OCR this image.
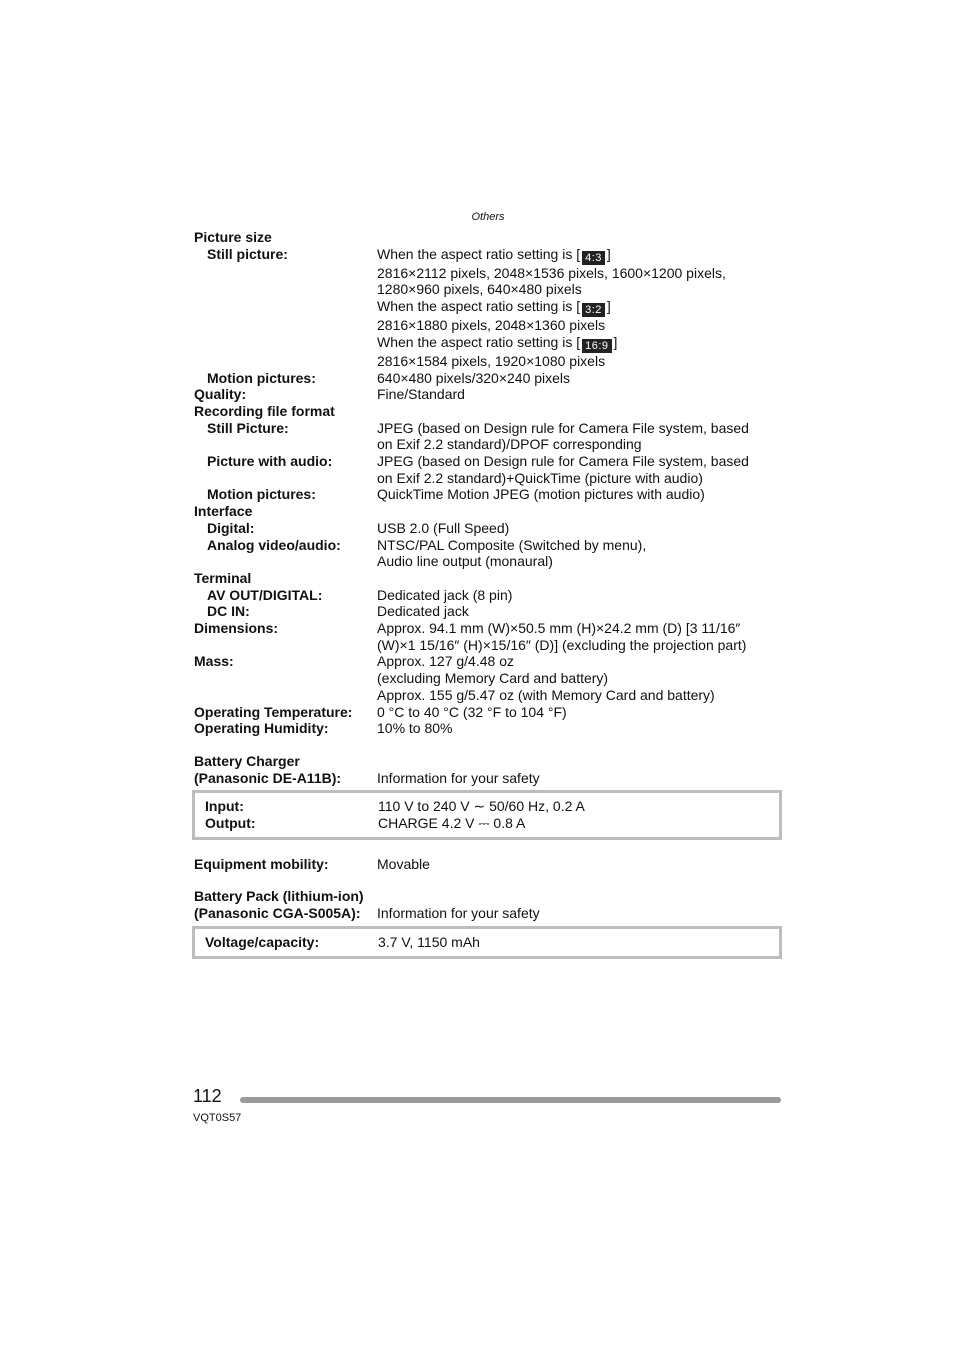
Others
Picture size
Still picture:	When the aspect ratio setting is [ 4:3 ]
2816×2112 pixels, 2048×1536 pixels, 1600×1200 pixels,
1280×960 pixels, 640×480 pixels
When the aspect ratio setting is [ 3:2 ]
2816×1880 pixels, 2048×1360 pixels
When the aspect ratio setting is [ 16:9 ]
2816×1584 pixels, 1920×1080 pixels
Motion pictures:	640×480 pixels/320×240 pixels
Quality:	Fine/Standard
Recording file format
Still Picture:	JPEG (based on Design rule for Camera File system, based
on Exif 2.2 standard)/DPOF corresponding
Picture with audio:	JPEG (based on Design rule for Camera File system, based
on Exif 2.2 standard)+QuickTime (picture with audio)
Motion pictures:	QuickTime Motion JPEG (motion pictures with audio)
Interface
Digital:	USB 2.0 (Full Speed)
Analog video/audio:	NTSC/PAL Composite (Switched by menu),
Audio line output (monaural)
Terminal
AV OUT/DIGITAL:	Dedicated jack (8 pin)
DC IN:	Dedicated jack
Dimensions:	Approx. 94.1 mm (W)×50.5 mm (H)×24.2 mm (D) [3 11/16″
(W)×1 15/16″ (H)×15/16″ (D)] (excluding the projection part)
Mass:	Approx. 127 g/4.48 oz
(excluding Memory Card and battery)
Approx. 155 g/5.47 oz (with Memory Card and battery)
Operating Temperature: 0 °C to 40 °C (32 °F to 104 °F)
Operating Humidity:	10% to 80%
Battery Charger
(Panasonic DE-A11B):	Information for your safety
Input:	110 V to 240 V ∼ 50/60 Hz, 0.2 A
Output:	CHARGE 4.2 V ⎓ 0.8 A
Equipment mobility:	Movable
Battery Pack (lithium-ion)
(Panasonic CGA-S005A): Information for your safety
Voltage/capacity:	3.7 V, 1150 mAh
112
VQT0S57
